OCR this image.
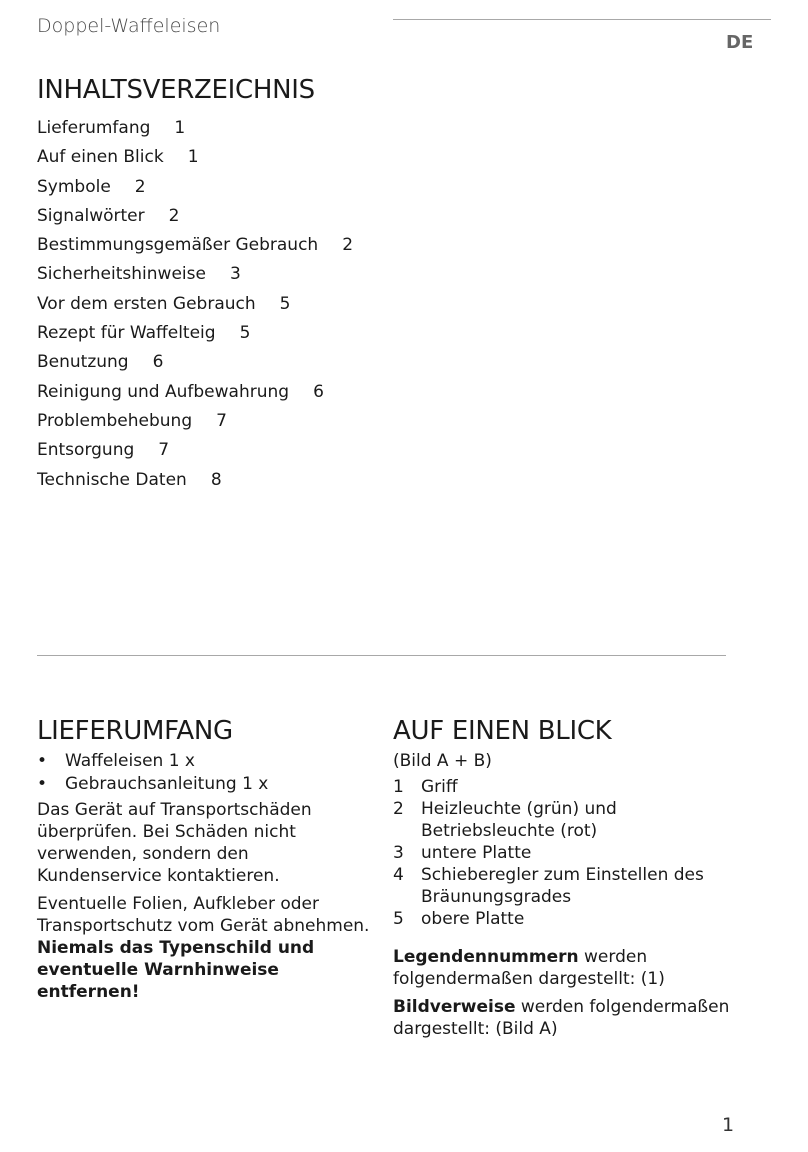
Doppel-Waffeleisen
DE
INHALTSVERZEICHNIS
Lieferumfang 1
Auf einen Blick 1
Symbole 2
Signalwörter 2
Bestimmungsgemäßer Gebrauch 2
Sicherheitshinweise 3
Vor dem ersten Gebrauch 5
Rezept für Waffelteig 5
Benutzung 6
Reinigung und Aufbewahrung 6
Problembehebung 7
Entsorgung 7
Technische Daten 8
LIEFERUMFANG
• Waffeleisen 1 x
• Gebrauchsanleitung 1 x

Das Gerät auf Transportschäden überprüfen. Bei Schäden nicht verwenden, sondern den Kundenservice kontaktieren.

Eventuelle Folien, Aufkleber oder Transportschutz vom Gerät abnehmen.

Niemals das Typenschild und eventuelle Warnhinweise entfernen!

AUF EINEN BLICK

(Bild A + B)

1	Griff
2	Heizleuchte (grün) und Betriebsleuchte (rot)
3	untere Platte
4	Schieberegler zum Einstellen des Bräunungsgrades
5	obere Platte

Legendennummern werden folgendermaßen dargestellt: (1)

Bildverweise werden folgendermaßen dargestellt: (Bild A)

1
